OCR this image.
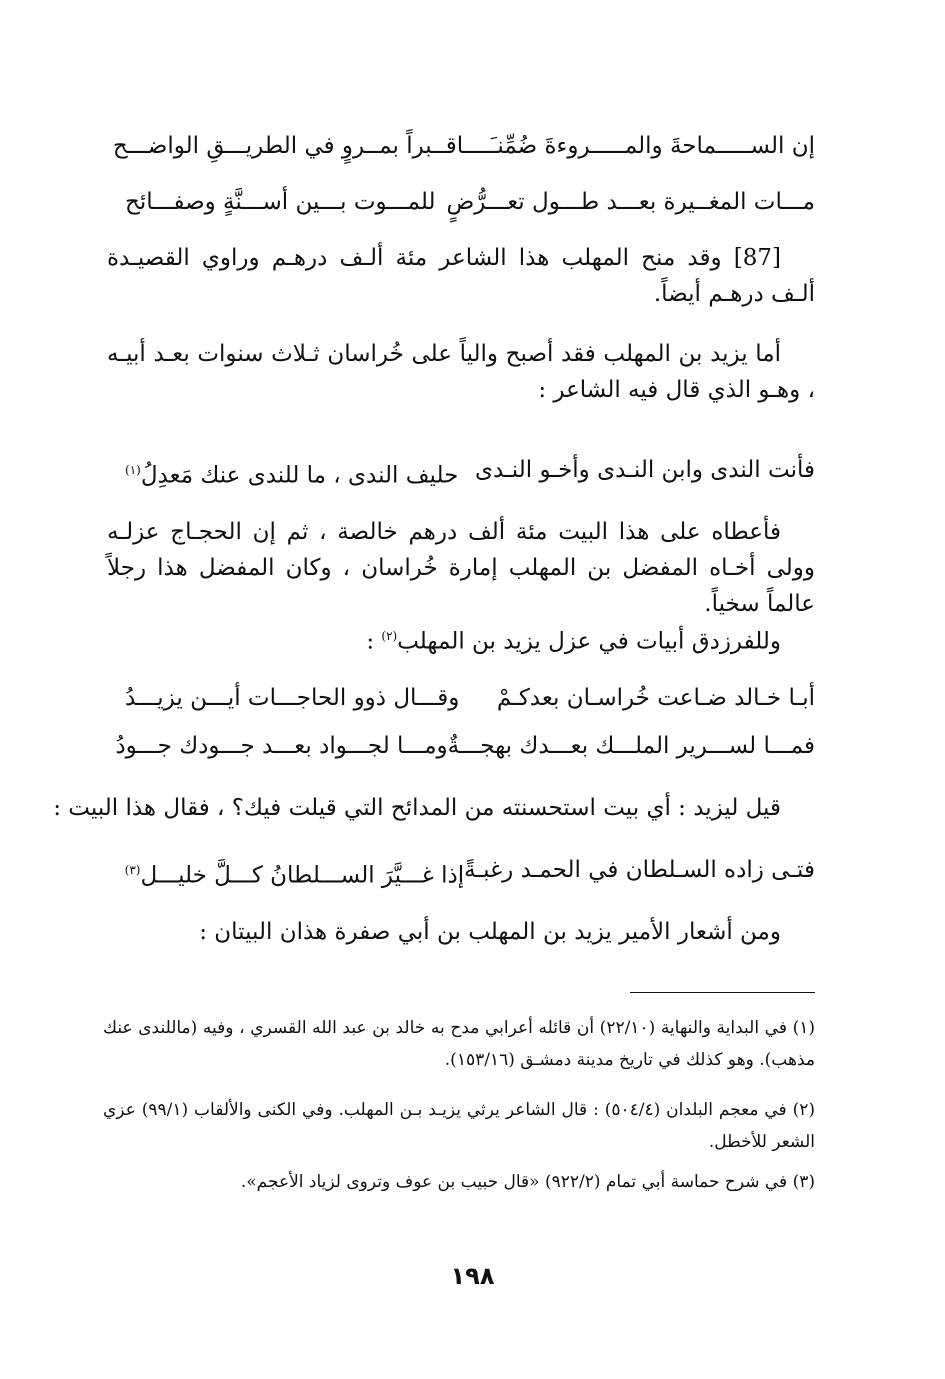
إن الســـــماحةَ والمـــــروءةَ ضُمِّنـَــــا
قــبراً بمــروٍ في الطريـــقِ الواضـــح
مـــات المغــيرة بعـــد طـــول تعـــرُّضٍ
للمـــوت بـــين أســـنَّةٍ وصفـــائح
[87] وقد منح المهلب هذا الشاعر مئة ألـف درهـم وراوي القصيـدة ألـف درهـم أيضاً.
أما يزيد بن المهلب فقد أصبح والياً على خُراسان ثـلاث سنوات بعـد أبيـه ، وهـو الذي قال فيه الشاعر :
فأنت الندى وابن النـدى وأخـو النـدى
حليف الندى ، ما للندى عنك مَعدِلُ$^{(١)}$
فأعطاه على هذا البيت مئة ألف درهم خالصة ، ثم إن الحجـاج عزلـه وولى أخـاه المفضل بن المهلب إمارة خُراسان ، وكان المفضل هذا رجلاً عالماً سخياً.
وللفرزدق أبيات في عزل يزيد بن المهلب$^{(٢)}$ :
أبـا خـالد ضـاعت خُراسـان بعدكـمْ
وقـــال ذوو الحاجـــات أيـــن يزيـــدُ
فمـــا لســـرير الملـــك بعـــدك بهجـــةٌ
ومـــا لجـــواد بعـــد جـــودك جـــودُ
قيل ليزيد : أي بيت استحسنته من المدائح التي قيلت فيك؟ ، فقال هذا البيت :
فتـى زاده السـلطان في الحمـد رغبـةً
إذا غـــيَّرَ الســـلطانُ كـــلَّ خليـــل$^{(٣)}$
ومن أشعار الأمير يزيد بن المهلب بن أبي صفرة هذان البيتان :
(١) في البداية والنهاية (٢٢/١٠) أن قائله أعرابي مدح به خالد بن عبد الله القسري ، وفيه (ماللندى عنك مذهب). وهو كذلك في تاريخ مدينة دمشـق (١٥٣/١٦).
(٢) في معجم البلدان (٥٠٤/٤) : قال الشاعر يرثي يزيـد بـن المهلب. وفي الكنى والألقاب (٩٩/١) عزي الشعر للأخطل.
(٣) في شرح حماسة أبي تمام (٩٢٢/٢) «قال حبيب بن عوف وتروى لزياد الأعجم».
١٩٨
